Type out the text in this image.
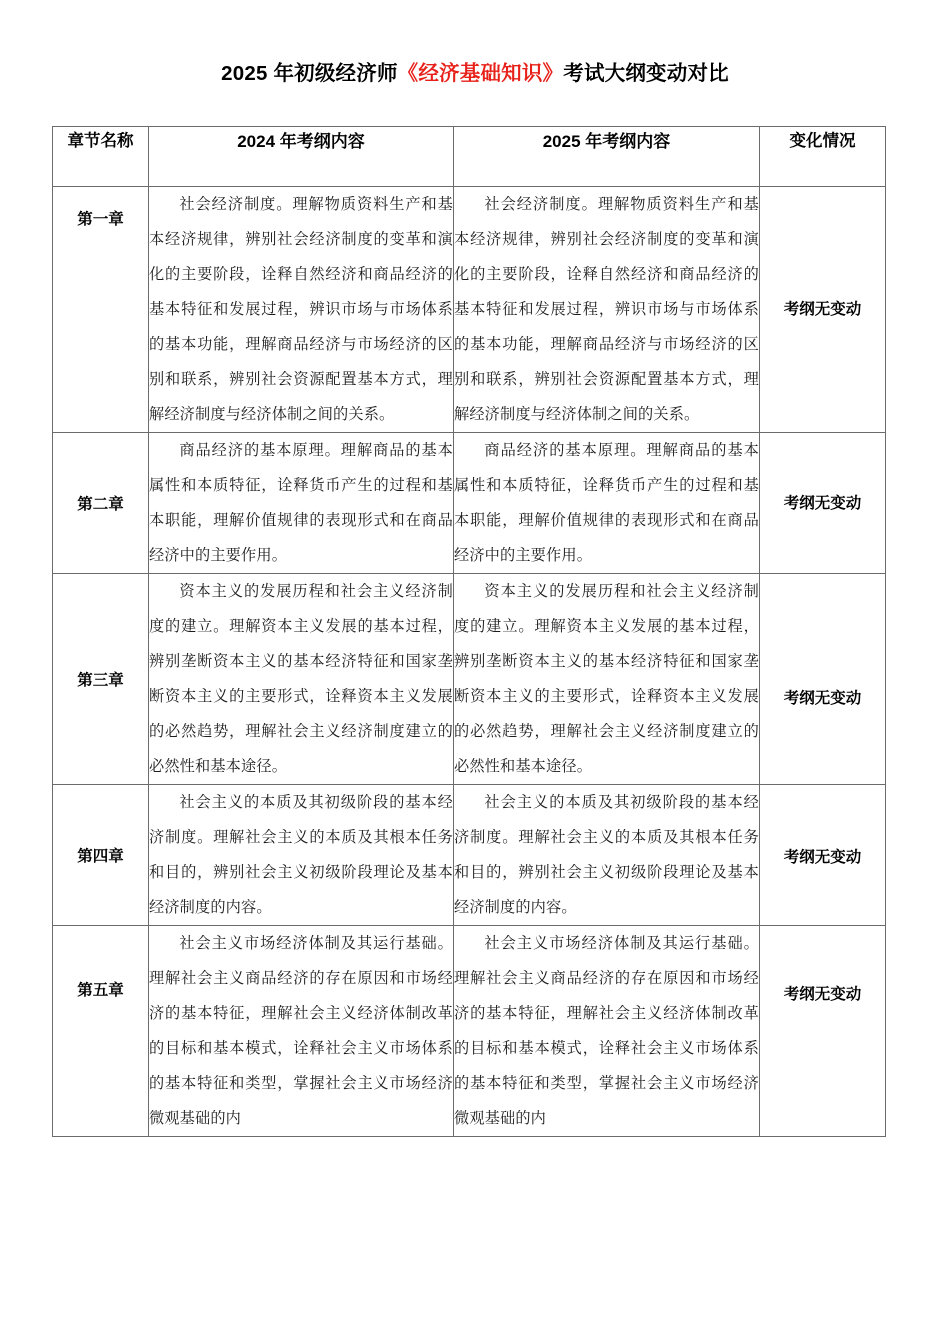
2025 年初级经济师《经济基础知识》考试大纲变动对比
章节名称	2024 年考纲内容	2025 年考纲内容	变化情况
第一章	社会经济制度。理解物质资料生产和基本经济规律，辨别社会经济制度的变革和演化的主要阶段，诠释自然经济和商品经济的基本特征和发展过程，辨识市场与市场体系的基本功能，理解商品经济与市场经济的区别和联系，辨别社会资源配置基本方式，理解经济制度与经济体制之间的关系。	社会经济制度。理解物质资料生产和基本经济规律，辨别社会经济制度的变革和演化的主要阶段，诠释自然经济和商品经济的基本特征和发展过程，辨识市场与市场体系的基本功能，理解商品经济与市场经济的区别和联系，辨别社会资源配置基本方式，理解经济制度与经济体制之间的关系。	考纲无变动
第二章	商品经济的基本原理。理解商品的基本属性和本质特征，诠释货币产生的过程和基本职能，理解价值规律的表现形式和在商品经济中的主要作用。	商品经济的基本原理。理解商品的基本属性和本质特征，诠释货币产生的过程和基本职能，理解价值规律的表现形式和在商品经济中的主要作用。	考纲无变动
第三章	资本主义的发展历程和社会主义经济制度的建立。理解资本主义发展的基本过程，辨别垄断资本主义的基本经济特征和国家垄断资本主义的主要形式，诠释资本主义发展的必然趋势，理解社会主义经济制度建立的必然性和基本途径。	资本主义的发展历程和社会主义经济制度的建立。理解资本主义发展的基本过程，辨别垄断资本主义的基本经济特征和国家垄断资本主义的主要形式，诠释资本主义发展的必然趋势，理解社会主义经济制度建立的必然性和基本途径。	考纲无变动
第四章	社会主义的本质及其初级阶段的基本经济制度。理解社会主义的本质及其根本任务和目的，辨别社会主义初级阶段理论及基本经济制度的内容。	社会主义的本质及其初级阶段的基本经济制度。理解社会主义的本质及其根本任务和目的，辨别社会主义初级阶段理论及基本经济制度的内容。	考纲无变动
第五章	社会主义市场经济体制及其运行基础。理解社会主义商品经济的存在原因和市场经济的基本特征，理解社会主义经济体制改革的目标和基本模式，诠释社会主义市场体系的基本特征和类型，掌握社会主义市场经济微观基础的内	社会主义市场经济体制及其运行基础。理解社会主义商品经济的存在原因和市场经济的基本特征，理解社会主义经济体制改革的目标和基本模式，诠释社会主义市场体系的基本特征和类型，掌握社会主义市场经济微观基础的内	考纲无变动
